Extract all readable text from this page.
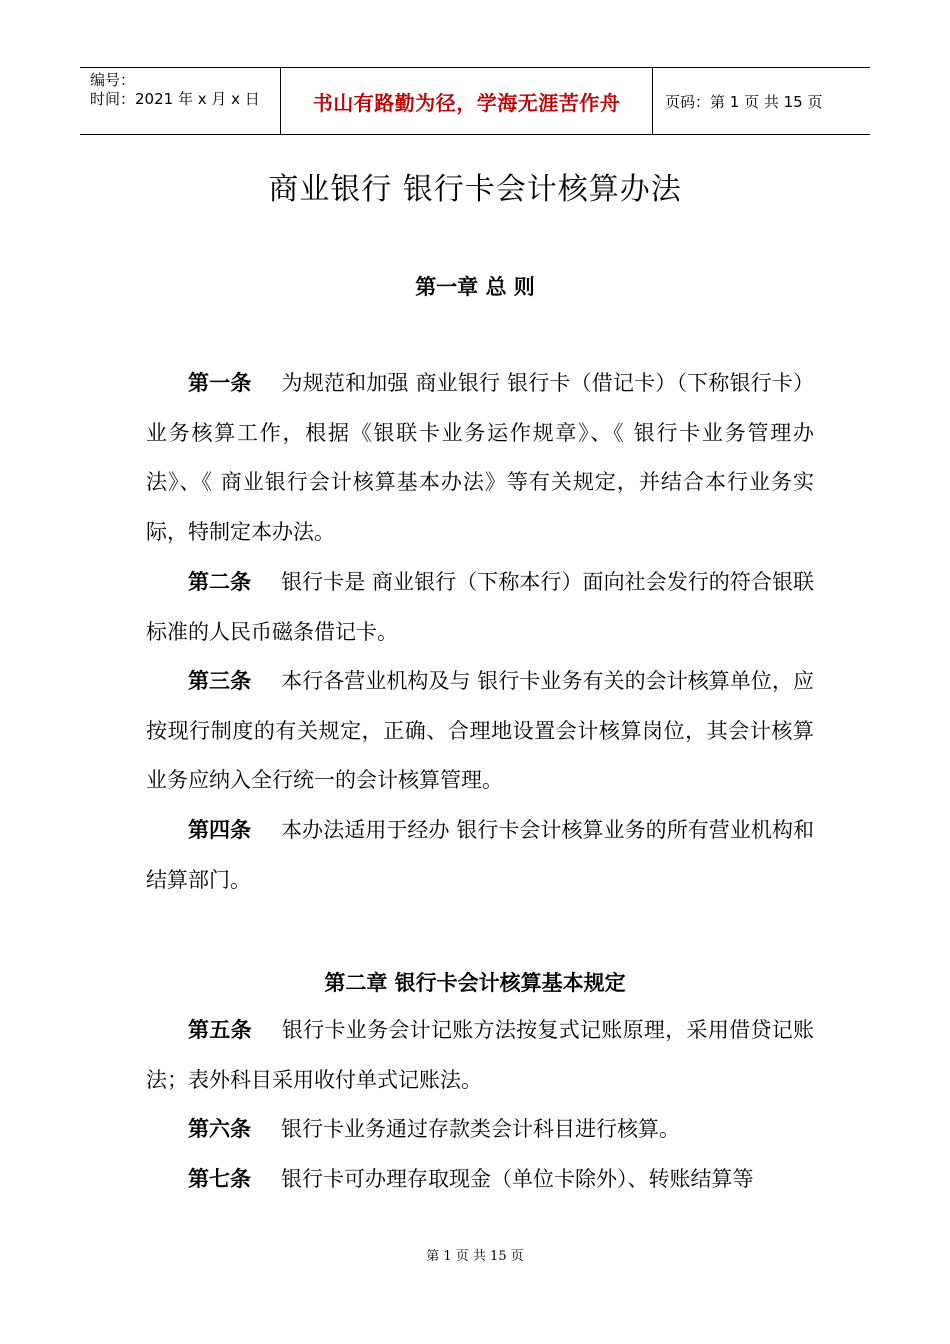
编号：
时间：2021 年 x 月 x 日	书山有路勤为径，学海无涯苦作舟	页码：第 1 页 共 15 页
商业银行 银行卡会计核算办法
第一章 总 则
第一条 为规范和加强 商业银行 银行卡（借记卡）（下称银行卡）业务核算工作，根据《银联卡业务运作规章》、《 银行卡业务管理办法》、《 商业银行会计核算基本办法》等有关规定，并结合本行业务实际，特制定本办法。
第二条 银行卡是 商业银行（下称本行）面向社会发行的符合银联标准的人民币磁条借记卡。
第三条 本行各营业机构及与 银行卡业务有关的会计核算单位，应按现行制度的有关规定，正确、合理地设置会计核算岗位，其会计核算业务应纳入全行统一的会计核算管理。
第四条 本办法适用于经办 银行卡会计核算业务的所有营业机构和结算部门。
第二章 银行卡会计核算基本规定
第五条 银行卡业务会计记账方法按复式记账原理，采用借贷记账法；表外科目采用收付单式记账法。
第六条 银行卡业务通过存款类会计科目进行核算。
第七条 银行卡可办理存取现金（单位卡除外）、转账结算等
第 1 页 共 15 页
